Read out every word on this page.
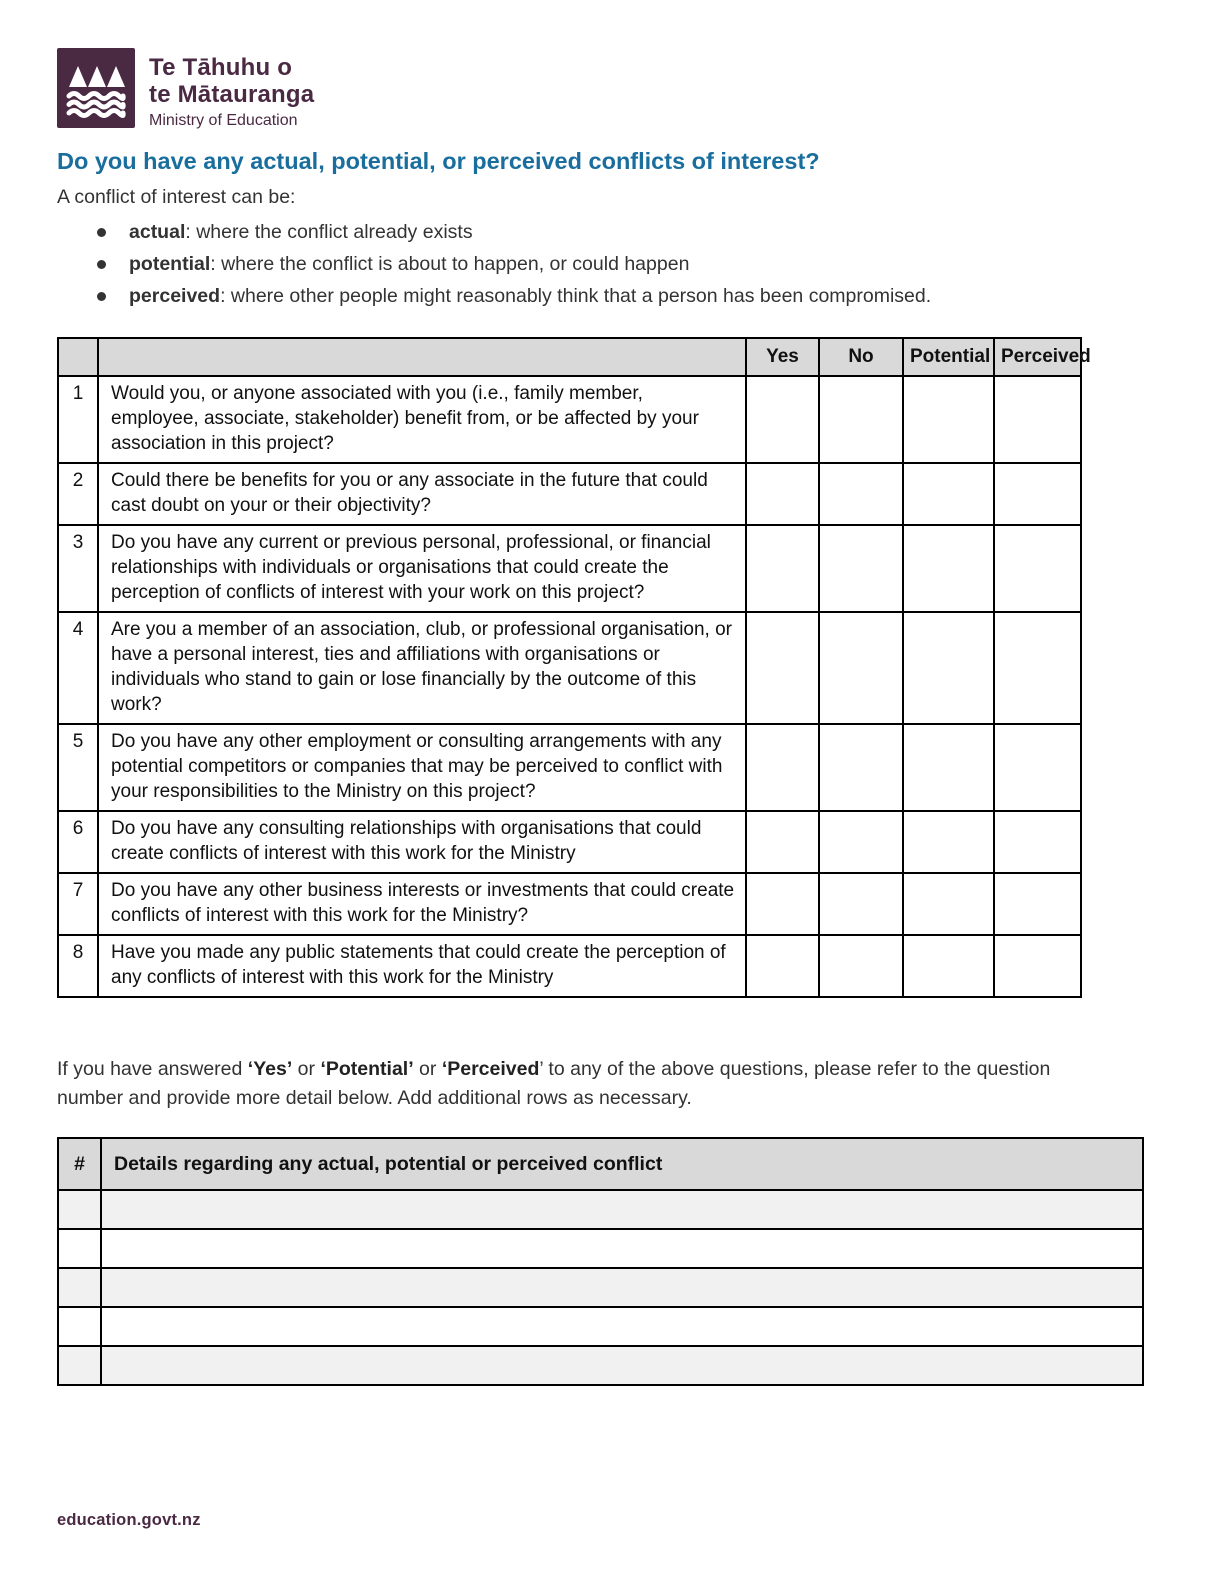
Te Tāhuhu o
te Mātauranga
Ministry of Education
Do you have any actual, potential, or perceived conflicts of interest?
A conflict of interest can be:
actual: where the conflict already exists
potential: where the conflict is about to happen, or could happen
perceived: where other people might reasonably think that a person has been compromised.
		Yes	No	Potential	Perceived
1	Would you, or anyone associated with you (i.e., family member, employee, associate, stakeholder) benefit from, or be affected by your association in this project?				
2	Could there be benefits for you or any associate in the future that could cast doubt on your or their objectivity?				
3	Do you have any current or previous personal, professional, or financial relationships with individuals or organisations that could create the perception of conflicts of interest with your work on this project?				
4	Are you a member of an association, club, or professional organisation, or have a personal interest, ties and affiliations with organisations or individuals who stand to gain or lose financially by the outcome of this work?				
5	Do you have any other employment or consulting arrangements with any potential competitors or companies that may be perceived to conflict with your responsibilities to the Ministry on this project?				
6	Do you have any consulting relationships with organisations that could create conflicts of interest with this work for the Ministry				
7	Do you have any other business interests or investments that could create conflicts of interest with this work for the Ministry?				
8	Have you made any public statements that could create the perception of any conflicts of interest with this work for the Ministry				
If you have answered ‘Yes’ or ‘Potential’ or ‘Perceived’ to any of the above questions, please refer to the question number and provide more detail below. Add additional rows as necessary.
#	Details regarding any actual, potential or perceived conflict

education.govt.nz
